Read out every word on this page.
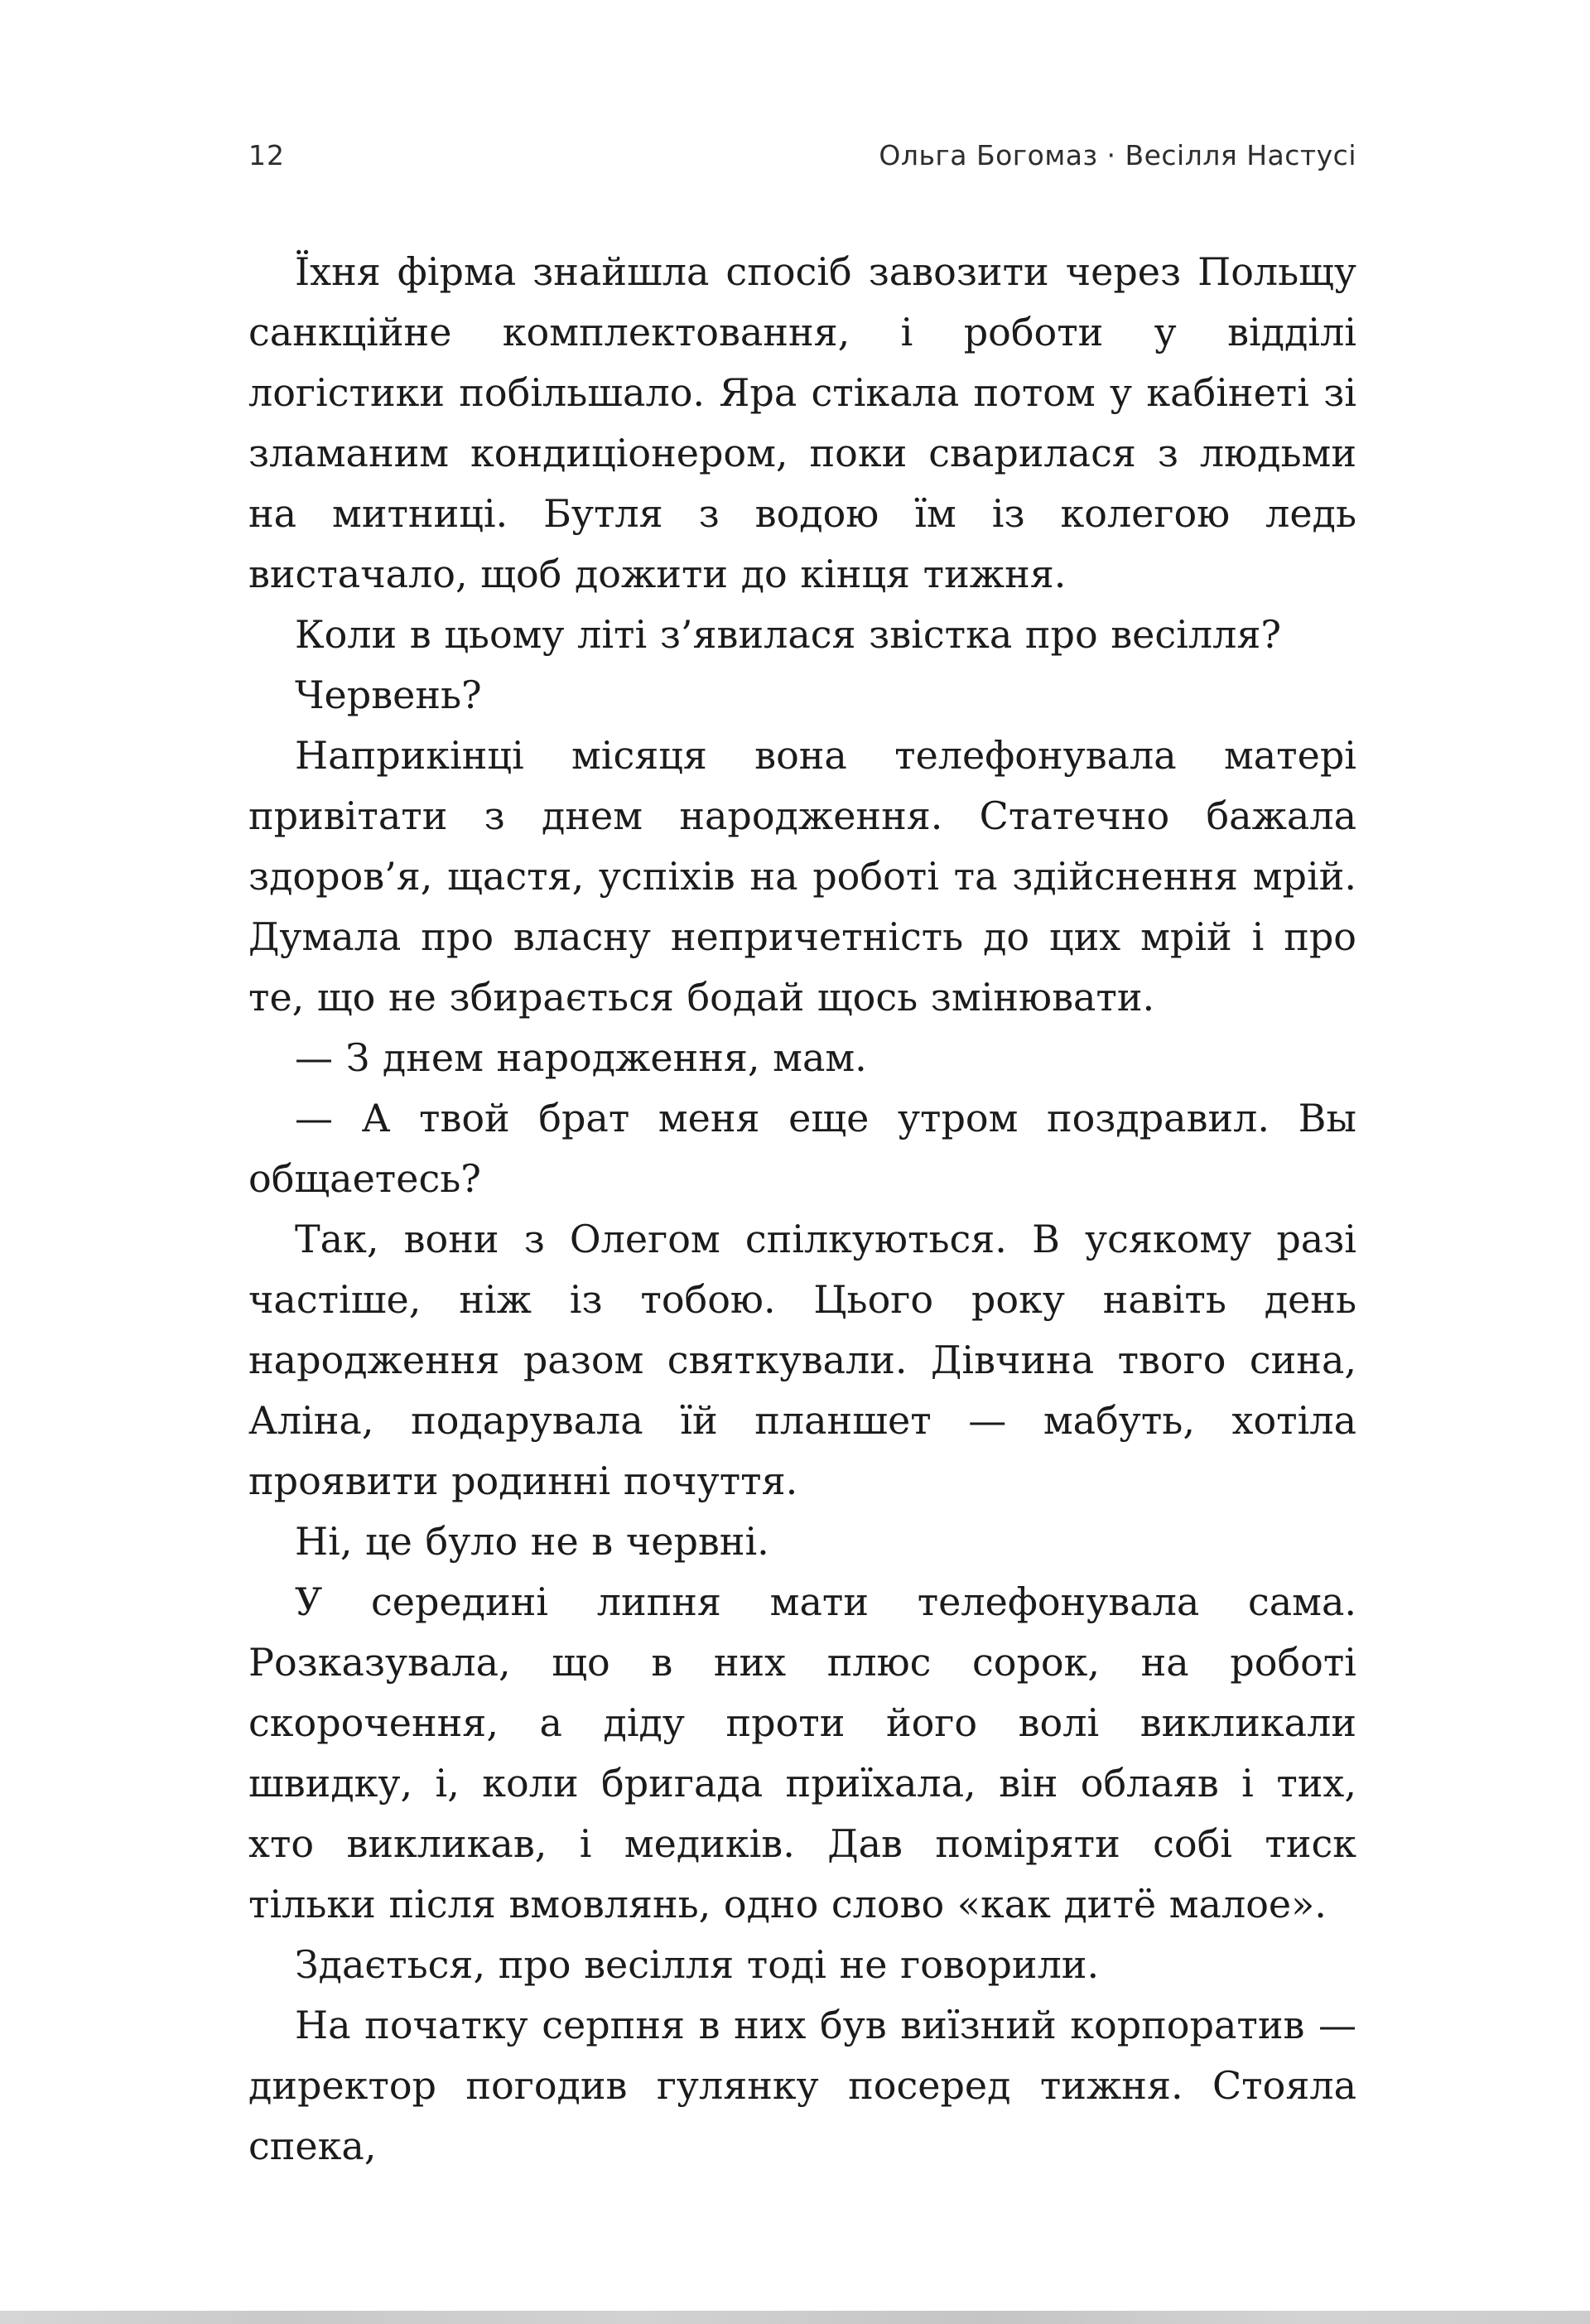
12	Ольга Богомаз · Весілля Настусі

Їхня фірма знайшла спосіб завозити через Польщу санкційне комплектовання, і роботи у відділі логістики побільшало. Яра стікала потом у кабінеті зі зламаним кондиціонером, поки сварилася з людьми на митниці. Бутля з водою їм із колегою ледь вистачало, щоб дожити до кінця тижня.

Коли в цьому літі з’явилася звістка про весілля?

Червень?

Наприкінці місяця вона телефонувала матері привітати з днем народження. Статечно бажала здоров’я, щастя, успіхів на роботі та здійснення мрій. Думала про власну непричетність до цих мрій і про те, що не збирається бодай щось змінювати.

— З днем народження, мам.

— А твой брат меня еще утром поздравил. Вы общаетесь?

Так, вони з Олегом спілкуються. В усякому разі частіше, ніж із тобою. Цього року навіть день народження разом святкували. Дівчина твого сина, Аліна, подарувала їй планшет — мабуть, хотіла проявити родинні почуття.

Ні, це було не в червні.

У середині липня мати телефонувала сама. Розказувала, що в них плюс сорок, на роботі скорочення, а діду проти його волі викликали швидку, і, коли бригада приїхала, він облаяв і тих, хто викликав, і медиків. Дав поміряти собі тиск тільки після вмовлянь, одно слово «как дитё малое».

Здається, про весілля тоді не говорили.

На початку серпня в них був виїзний корпоратив — директор погодив гулянку посеред тижня. Стояла спека,
